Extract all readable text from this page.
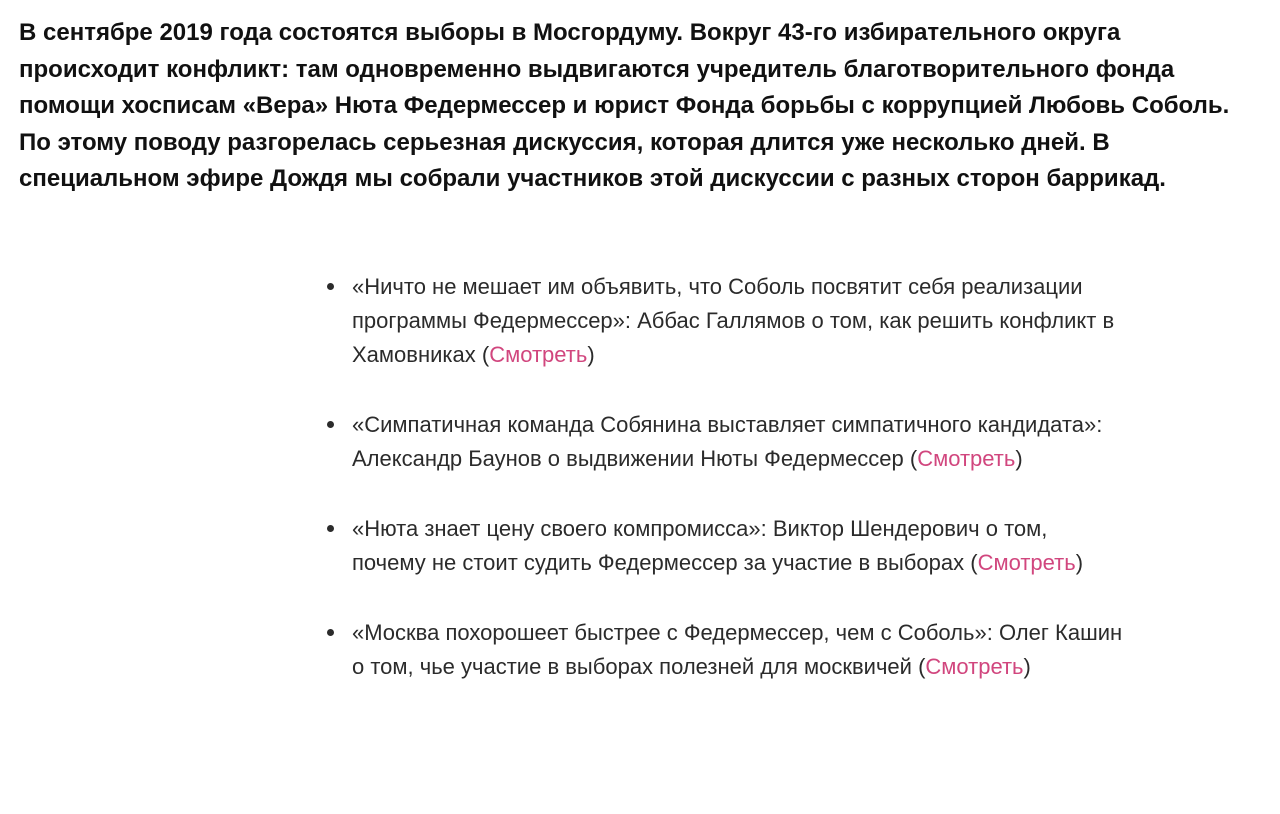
В сентябре 2019 года состоятся выборы в Мосгордуму. Вокруг 43-го избирательного округа происходит конфликт: там одновременно выдвигаются учредитель благотворительного фонда помощи хосписам «Вера» Нюта Федермессер и юрист Фонда борьбы с коррупцией Любовь Соболь. По этому поводу разгорелась серьезная дискуссия, которая длится уже несколько дней. В специальном эфире Дождя мы собрали участников этой дискуссии с разных сторон баррикад.

«Ничто не мешает им объявить, что Соболь посвятит себя реализации программы Федермессер»: Аббас Галлямов о том, как решить конфликт в Хамовниках (Смотреть)
«Симпатичная команда Собянина выставляет симпатичного кандидата»: Александр Баунов о выдвижении Нюты Федермессер (Смотреть)
«Нюта знает цену своего компромисса»: Виктор Шендерович о том, почему не стоит судить Федермессер за участие в выборах (Смотреть)
«Москва похорошеет быстрее с Федермессер, чем с Соболь»: Олег Кашин о том, чье участие в выборах полезней для москвичей (Смотреть)
